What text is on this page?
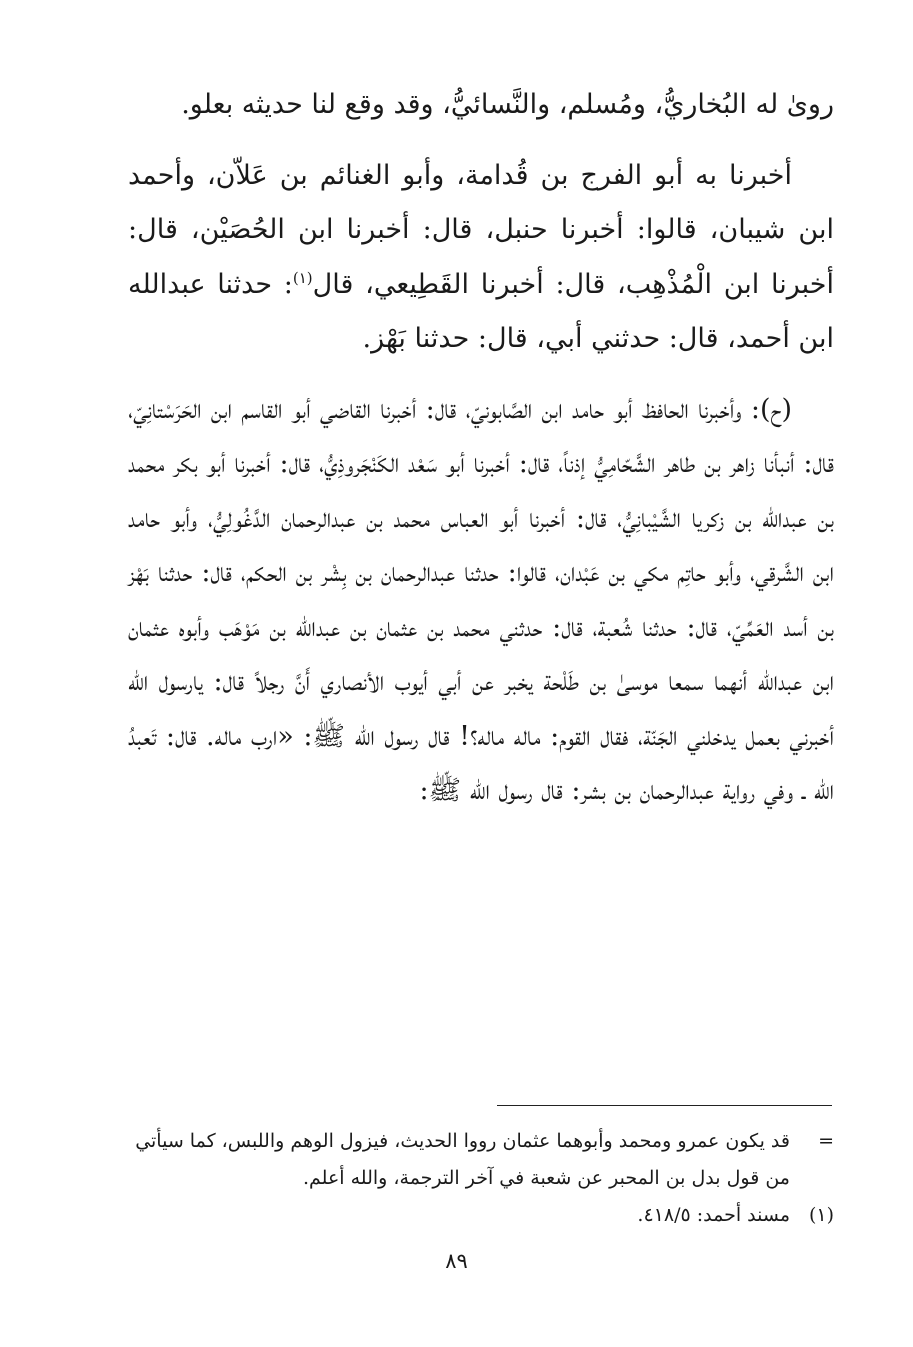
روىٰ له البُخاريُّ، ومُسلم، والنَّسائيُّ، وقد وقع لنا حديثه بعلو.

أخبرنا به أبو الفرج بن قُدامة، وأبو الغنائم بن عَلاّن، وأحمد ابن شيبان، قالوا: أخبرنا حنبل، قال: أخبرنا ابن الحُصَيْن، قال: أخبرنا ابن الْمُذْهِب، قال: أخبرنا القَطِيعي، قال$^{(١)}$: حدثنا عبدالله ابن أحمد، قال: حدثني أبي، قال: حدثنا بَهْز.

(ح): وأخبرنا الحافظ أبو حامد ابن الصَّابونيّ، قال: أخبرنا القاضي أبو القاسم ابن الحَرَسْتانِيّ، قال: أنبأنا زاهر بن طاهر الشَّحّامِيُّ إذناً، قال: أخبرنا أبو سَعْد الكَنْجَروذِيُّ، قال: أخبرنا أبو بكر محمد بن عبدالله بن زكريا الشَّيْبانِيُّ، قال: أخبرنا أبو العباس محمد بن عبدالرحمان الدَّغُولِيُّ، وأبو حامد ابن الشَّرقي، وأبو حاتِم مكي بن عَبْدان، قالوا: حدثنا عبدالرحمان بن بِشْر بن الحكم، قال: حدثنا بَهْز بن أسد العَمِّيّ، قال: حدثنا شُعبة، قال: حدثني محمد بن عثمان بن عبدالله بن مَوْهَب وأبوه عثمان ابن عبدالله أنهما سمعا موسىٰ بن طَلْحة يخبر عن أبي أيوب الأنصاري أَنَّ رجلاً قال: يارسول الله أخبرني بعمل يدخلني الجَنّة، فقال القوم: ماله ماله؟! قال رسول الله ﷺ: «ارب ماله. قال: تَعبدُ الله ـ وفي رواية عبدالرحمان بن بشر: قال رسول الله ﷺ:

=
قد يكون عمرو ومحمد وأبوهما عثمان رووا الحديث، فيزول الوهم واللبس، كما سيأتي من قول بدل بن المحبر عن شعبة في آخر الترجمة، والله أعلم.
(١)
مسند أحمد: ٤١٨/٥.
٨٩
